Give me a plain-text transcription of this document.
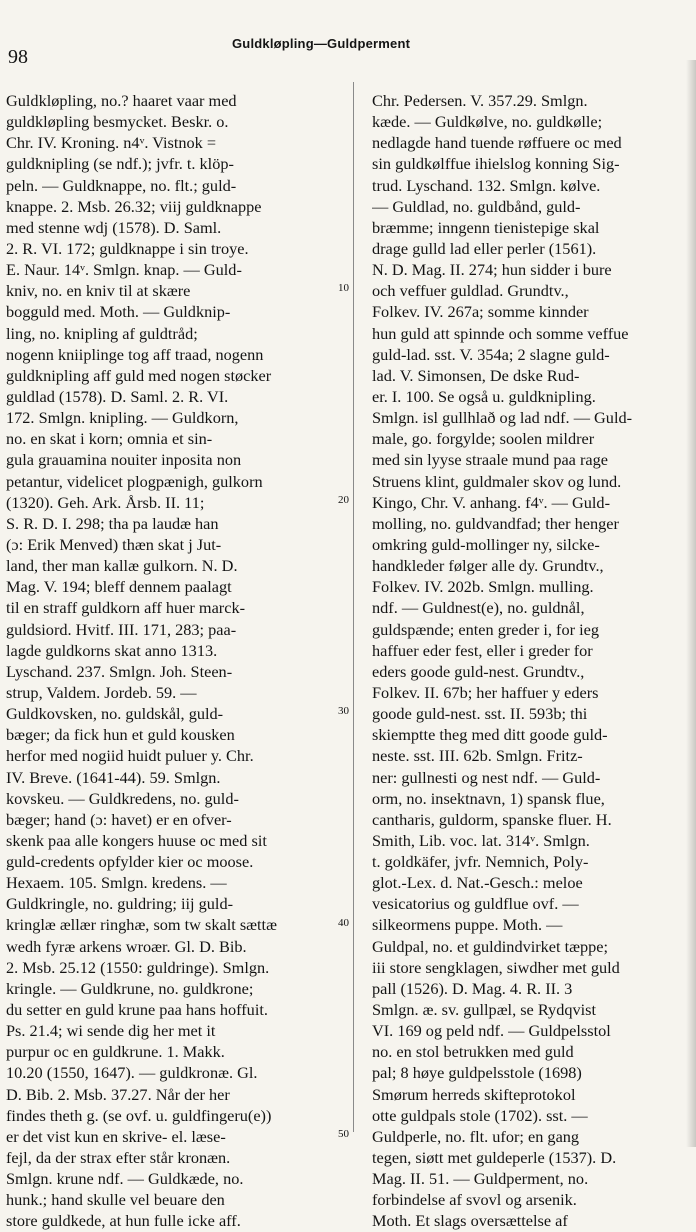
98
Guldkløpling—Guldperment
Guldkløpling, no.? haaret vaar med
guldkløpling besmycket. Beskr. o.
Chr. IV. Kroning. n4ᵛ. Vistnok =
guldknipling (se ndf.); jvfr. t. klöp-
peln. — Guldknappe, no. flt.; guld-
knappe. 2. Msb. 26.32; viij guldknappe
med stenne wdj (1578). D. Saml.
2. R. VI. 172; guldknappe i sin troye.
E. Naur. 14ᵛ. Smlgn. knap. — Guld-
kniv, no. en kniv til at skære
bogguld med. Moth. — Guldknip-
ling, no. knipling af guldtråd;
nogenn kniiplinge tog aff traad, nogenn
guldknipling aff guld med nogen støcker
guldlad (1578). D. Saml. 2. R. VI.
172. Smlgn. knipling. — Guldkorn,
no. en skat i korn; omnia et sin-
gula grauamina nouiter inposita non
petantur, videlicet plogpænigh, gulkorn
(1320). Geh. Ark. Årsb. II. 11;
S. R. D. I. 298; tha pa laudæ han
(ɔ: Erik Menved) thæn skat j Jut-
land, ther man kallæ gulkorn. N. D.
Mag. V. 194; bleff dennem paalagt
til en straff guldkorn aff huer marck-
guldsiord. Hvitf. III. 171, 283; paa-
lagde guldkorns skat anno 1313.
Lyschand. 237. Smlgn. Joh. Steen-
strup, Valdem. Jordeb. 59. —
Guldkovsken, no. guldskål, guld-
bæger; da fick hun et guld kousken
herfor med nogiid huidt puluer y. Chr.
IV. Breve. (1641-44). 59. Smlgn.
kovskeu. — Guldkredens, no. guld-
bæger; hand (ɔ: havet) er en ofver-
skenk paa alle kongers huuse oc med sit
guld-credents opfylder kier oc moose.
Hexaem. 105. Smlgn. kredens. —
Guldkringle, no. guldring; iij guld-
kringlæ ællær ringhæ, som tw skalt sættæ
wedh fyræ arkens wroær. Gl. D. Bib.
2. Msb. 25.12 (1550: guldringe). Smlgn.
kringle. — Guldkrune, no. guldkrone;
du setter en guld krune paa hans hoffuit.
Ps. 21.4; wi sende dig her met it
purpur oc en guldkrune. 1. Makk.
10.20 (1550, 1647). — guldkronæ. Gl.
D. Bib. 2. Msb. 37.27. Når der her
findes theth g. (se ovf. u. guldfingeru(e))
er det vist kun en skrive- el. læse-
fejl, da der strax efter står kronæn.
Smlgn. krune ndf. — Guldkæde, no.
hunk.; hand skulle vel beuare den
store guldkede, at hun fulle icke aff.
Chr. Pedersen. V. 357.29. Smlgn.
kæde. — Guldkølve, no. guldkølle;
nedlagde hand tuende røffuere oc med
sin guldkølffue ihielslog konning Sig-
trud. Lyschand. 132. Smlgn. kølve.
— Guldlad, no. guldbånd, guld-
bræmme; inngenn tienistepige skal
drage gulld lad eller perler (1561).
N. D. Mag. II. 274; hun sidder i bure
och veffuer guldlad. Grundtv.,
Folkev. IV. 267a; somme kinnder
hun guld att spinnde och somme veffue
guld-lad. sst. V. 354a; 2 slagne guld-
lad. V. Simonsen, De dske Rud-
er. I. 100. Se også u. guldknipling.
Smlgn. isl gullhlað og lad ndf. — Guld-
male, go. forgylde; soolen mildrer
med sin lyyse straale mund paa rage
Struens klint, guldmaler skov og lund.
Kingo, Chr. V. anhang. f4ᵛ. — Guld-
molling, no. guldvandfad; ther henger
omkring guld-mollinger ny, silcke-
handkleder følger alle dy. Grundtv.,
Folkev. IV. 202b. Smlgn. mulling.
ndf. — Guldnest(e), no. guldnål,
guldspænde; enten greder i, for ieg
haffuer eder fest, eller i greder for
eders goode guld-nest. Grundtv.,
Folkev. II. 67b; her haffuer y eders
goode guld-nest. sst. II. 593b; thi
skiemptte theg med ditt goode guld-
neste. sst. III. 62b. Smlgn. Fritz-
ner: gullnesti og nest ndf. — Guld-
orm, no. insektnavn, 1) spansk flue,
cantharis, guldorm, spanske fluer. H.
Smith, Lib. voc. lat. 314ᵛ. Smlgn.
t. goldkäfer, jvfr. Nemnich, Poly-
glot.-Lex. d. Nat.-Gesch.: meloe
vesicatorius og guldflue ovf. —
silkeormens puppe. Moth. —
Guldpal, no. et guldindvirket tæppe;
iii store sengklagen, siwdher met guld
pall (1526). D. Mag. 4. R. II. 3
Smlgn. æ. sv. gullpæl, se Rydqvist
VI. 169 og peld ndf. — Guldpelsstol
no. en stol betrukken med guld
pal; 8 høye guldpelsstole (1698)
Smørum herreds skifteprotokol
otte guldpals stole (1702). sst. —
Guldperle, no. flt. ufor; en gang
tegen, siøtt met guldeperle (1537). D.
Mag. II. 51. — Guldperment, no.
forbindelse af svovl og arsenik.
Moth. Et slags oversættelse af
10
20
30
40
50
